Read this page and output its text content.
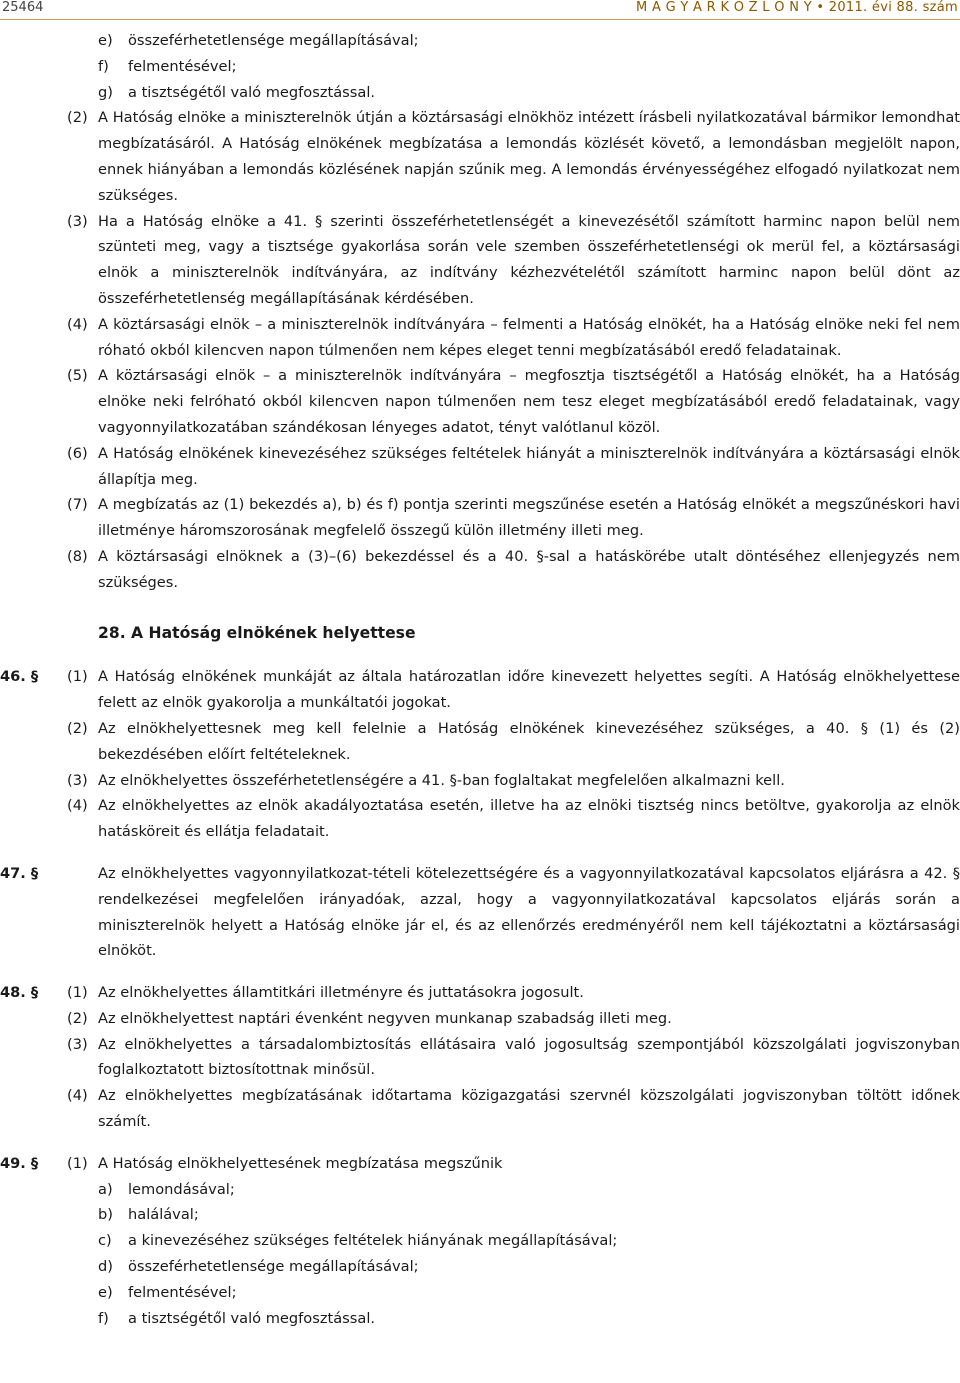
25464	M A G Y A R K Ö Z L Ö N Y • 2011. évi 88. szám
e)	összeférhetetlensége megállapításával;
f)	felmentésével;
g)	a tisztségétől való megfosztással.
(2) A Hatóság elnöke a miniszterelnök útján a köztársasági elnökhöz intézett írásbeli nyilatkozatával bármikor lemondhat megbízatásáról. A Hatóság elnökének megbízatása a lemondás közlését követő, a lemondásban megjelölt napon, ennek hiányában a lemondás közlésének napján szűnik meg. A lemondás érvényességéhez elfogadó nyilatkozat nem szükséges.
(3) Ha a Hatóság elnöke a 41. § szerinti összeférhetetlenségét a kinevezésétől számított harminc napon belül nem szünteti meg, vagy a tisztsége gyakorlása során vele szemben összeférhetetlenségi ok merül fel, a köztársasági elnök a miniszterelnök indítványára, az indítvány kézhezvételétől számított harminc napon belül dönt az összeférhetetlenség megállapításának kérdésében.
(4) A köztársasági elnök – a miniszterelnök indítványára – felmenti a Hatóság elnökét, ha a Hatóság elnöke neki fel nem róható okból kilencven napon túlmenően nem képes eleget tenni megbízatásából eredő feladatainak.
(5) A köztársasági elnök – a miniszterelnök indítványára – megfosztja tisztségétől a Hatóság elnökét, ha a Hatóság elnöke neki felróható okból kilencven napon túlmenően nem tesz eleget megbízatásából eredő feladatainak, vagy vagyonnyilatkozatában szándékosan lényeges adatot, tényt valótlanul közöl.
(6) A Hatóság elnökének kinevezéséhez szükséges feltételek hiányát a miniszterelnök indítványára a köztársasági elnök állapítja meg.
(7) A megbízatás az (1) bekezdés a), b) és f) pontja szerinti megszűnése esetén a Hatóság elnökét a megszűnéskori havi illetménye háromszorosának megfelelő összegű külön illetmény illeti meg.
(8) A köztársasági elnöknek a (3)–(6) bekezdéssel és a 40. §-sal a hatáskörébe utalt döntéséhez ellenjegyzés nem szükséges.
28. A Hatóság elnökének helyettese
46. §	(1) A Hatóság elnökének munkáját az általa határozatlan időre kinevezett helyettes segíti. A Hatóság elnökhelyettese felett az elnök gyakorolja a munkáltatói jogokat.
(2) Az elnökhelyettesnek meg kell felelnie a Hatóság elnökének kinevezéséhez szükséges, a 40. § (1) és (2) bekezdésében előírt feltételeknek.
(3) Az elnökhelyettes összeférhetetlenségére a 41. §-ban foglaltakat megfelelően alkalmazni kell.
(4) Az elnökhelyettes az elnök akadályoztatása esetén, illetve ha az elnöki tisztség nincs betöltve, gyakorolja az elnök hatásköreit és ellátja feladatait.
47. §	Az elnökhelyettes vagyonnyilatkozat-tételi kötelezettségére és a vagyonnyilatkozatával kapcsolatos eljárásra a 42. § rendelkezései megfelelően irányadóak, azzal, hogy a vagyonnyilatkozatával kapcsolatos eljárás során a miniszterelnök helyett a Hatóság elnöke jár el, és az ellenőrzés eredményéről nem kell tájékoztatni a köztársasági elnököt.
48. §	(1) Az elnökhelyettes államtitkári illetményre és juttatásokra jogosult.
(2) Az elnökhelyettest naptári évenként negyven munkanap szabadság illeti meg.
(3) Az elnökhelyettes a társadalombiztosítás ellátásaira való jogosultság szempontjából közszolgálati jogviszonyban foglalkoztatott biztosítottnak minősül.
(4) Az elnökhelyettes megbízatásának időtartama közigazgatási szervnél közszolgálati jogviszonyban töltött időnek számít.
49. §	(1) A Hatóság elnökhelyettesének megbízatása megszűnik
a)	lemondásával;
b)	halálával;
c)	a kinevezéséhez szükséges feltételek hiányának megállapításával;
d)	összeférhetetlensége megállapításával;
e)	felmentésével;
f)	a tisztségétől való megfosztással.
